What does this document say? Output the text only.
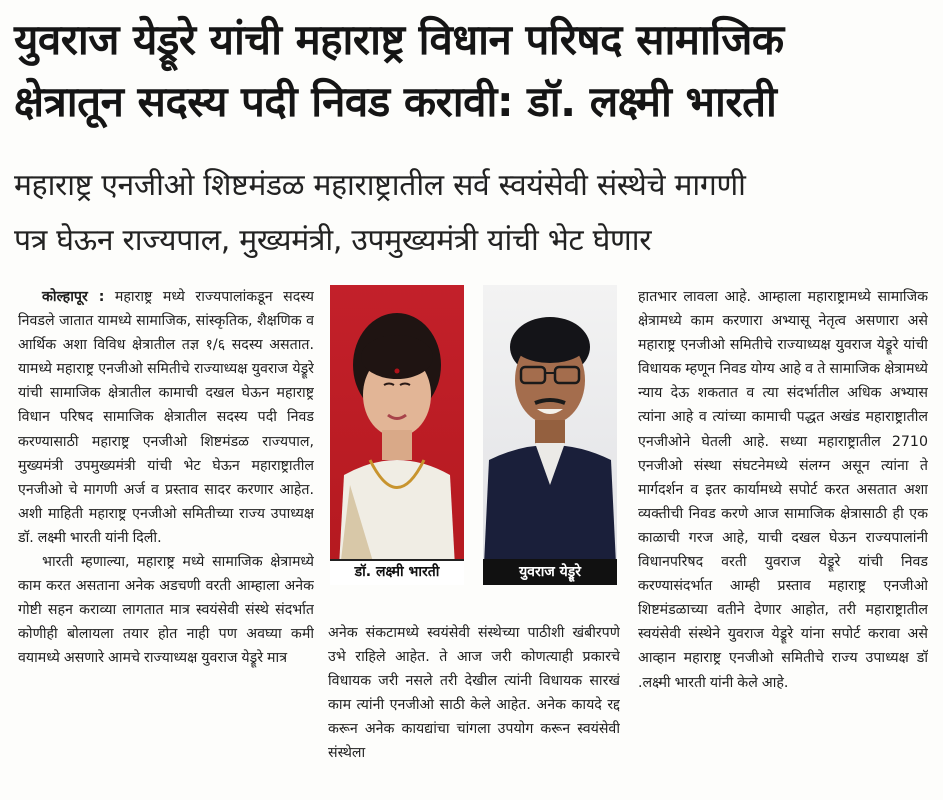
युवराज येड्रूरे यांची महाराष्ट्र विधान परिषद सामाजिक
क्षेत्रातून सदस्य पदी निवड करावी: डॉ. लक्ष्मी भारती
महाराष्ट्र एनजीओ शिष्टमंडळ महाराष्ट्रातील सर्व स्वयंसेवी संस्थेचे मागणी
पत्र घेऊन राज्यपाल, मुख्यमंत्री, उपमुख्यमंत्री यांची भेट घेणार

कोल्हापूर : महाराष्ट्र मध्ये राज्यपालांकडून सदस्य निवडले जातात यामध्ये सामाजिक, सांस्कृतिक, शैक्षणिक व आर्थिक अशा विविध क्षेत्रातील तज्ञ १/६ सदस्य असतात. यामध्ये महाराष्ट्र एनजीओ समितीचे राज्याध्यक्ष युवराज येड्रूरे यांची सामाजिक क्षेत्रातील कामाची दखल घेऊन महाराष्ट्र विधान परिषद सामाजिक क्षेत्रातील सदस्य पदी निवड करण्यासाठी महाराष्ट्र एनजीओ शिष्टमंडळ राज्यपाल, मुख्यमंत्री उपमुख्यमंत्री यांची भेट घेऊन महाराष्ट्रातील एनजीओ चे मागणी अर्ज व प्रस्ताव सादर करणार आहेत. अशी माहिती महाराष्ट्र एनजीओ समितीच्या राज्य उपाध्यक्ष डॉ. लक्ष्मी भारती यांनी दिली.

भारती म्हणाल्या, महाराष्ट्र मध्ये सामाजिक क्षेत्रामध्ये काम करत असताना अनेक अडचणी वरती आम्हाला अनेक गोष्टी सहन कराव्या लागतात मात्र स्वयंसेवी संस्थे संदर्भात कोणीही बोलायला तयार होत नाही पण अवघ्या कमी वयामध्ये असणारे आमचे राज्याध्यक्ष युवराज येड्रूरे मात्र

डॉ. लक्ष्मी भारती	युवराज येड्रूरे

अनेक संकटामध्ये स्वयंसेवी संस्थेच्या पाठीशी खंबीरपणे उभे राहिले आहेत. ते आज जरी कोणत्याही प्रकारचे विधायक जरी नसले तरी देखील त्यांनी विधायक सारखं काम त्यांनी एनजीओ साठी केले आहेत. अनेक कायदे रद्द करून अनेक कायद्यांचा चांगला उपयोग करून स्वयंसेवी संस्थेला

हातभार लावला आहे. आम्हाला महाराष्ट्रामध्ये सामाजिक क्षेत्रामध्ये काम करणारा अभ्यासू नेतृत्व असणारा असे महाराष्ट्र एनजीओ समितीचे राज्याध्यक्ष युवराज येड्रूरे यांची विधायक म्हणून निवड योग्य आहे व ते सामाजिक क्षेत्रामध्ये न्याय देऊ शकतात व त्या संदर्भातील अधिक अभ्यास त्यांना आहे व त्यांच्या कामाची पद्धत अखंड महाराष्ट्रातील एनजीओने घेतली आहे. सध्या महाराष्ट्रातील 2710 एनजीओ संस्था संघटनेमध्ये संलग्न असून त्यांना ते मार्गदर्शन व इतर कार्यामध्ये सपोर्ट करत असतात अशा व्यक्तीची निवड करणे आज सामाजिक क्षेत्रासाठी ही एक काळाची गरज आहे, याची दखल घेऊन राज्यपालांनी विधानपरिषद वरती युवराज येड्रूरे यांची निवड करण्यासंदर्भात आम्ही प्रस्ताव महाराष्ट्र एनजीओ शिष्टमंडळाच्या वतीने देणार आहोत, तरी महाराष्ट्रातील स्वयंसेवी संस्थेने युवराज येड्रूरे यांना सपोर्ट करावा असे आव्हान महाराष्ट्र एनजीओ समितीचे राज्य उपाध्यक्ष डॉ .लक्ष्मी भारती यांनी केले आहे.
